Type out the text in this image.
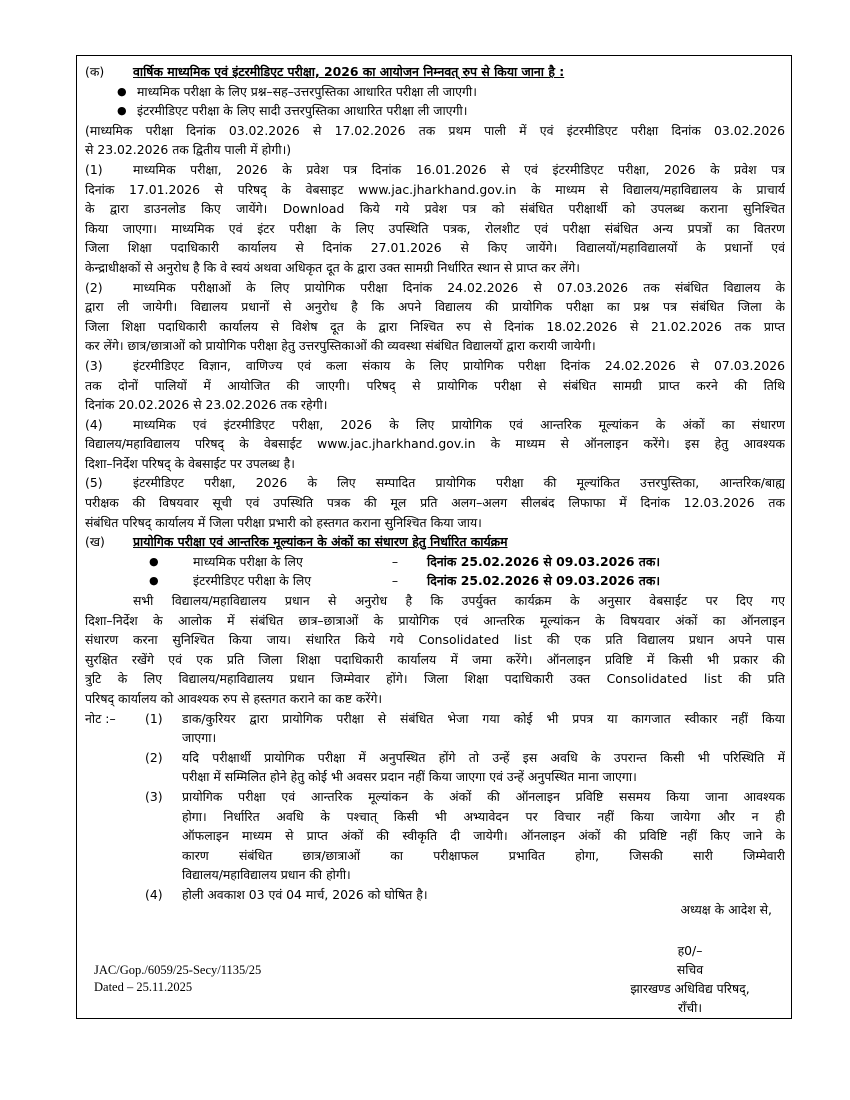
(क)	वार्षिक माध्यमिक एवं इंटरमीडिएट परीक्षा, 2026 का आयोजन निम्नवत् रुप से किया जाना है :
● माध्यमिक परीक्षा के लिए प्रश्न–सह–उत्तरपुस्तिका आधारित परीक्षा ली जाएगी।
● इंटरमीडिएट परीक्षा के लिए सादी उत्तरपुस्तिका आधारित परीक्षा ली जाएगी।
(माध्यमिक परीक्षा दिनांक 03.02.2026 से 17.02.2026 तक प्रथम पाली में एवं इंटरमीडिएट परीक्षा दिनांक 03.02.2026
से 23.02.2026 तक द्वितीय पाली में होगी।)
(1)	माध्यमिक परीक्षा, 2026 के प्रवेश पत्र दिनांक 16.01.2026 से एवं इंटरमीडिएट परीक्षा, 2026 के प्रवेश पत्र
दिनांक 17.01.2026 से परिषद् के वेबसाइट www.jac.jharkhand.gov.in के माध्यम से विद्यालय/महाविद्यालय के प्राचार्य
के द्वारा डाउनलोड किए जायेंगे। Download किये गये प्रवेश पत्र को संबंधित परीक्षार्थी को उपलब्ध कराना सुनिश्चित
किया जाएगा। माध्यमिक एवं इंटर परीक्षा के लिए उपस्थिति पत्रक, रोलशीट एवं परीक्षा संबंधित अन्य प्रपत्रों का वितरण
जिला शिक्षा पदाधिकारी कार्यालय से दिनांक 27.01.2026 से किए जायेंगे। विद्यालयों/महाविद्यालयों के प्रधानों एवं
केन्द्राधीक्षकों से अनुरोध है कि वे स्वयं अथवा अधिकृत दूत के द्वारा उक्त सामग्री निर्धारित स्थान से प्राप्त कर लेंगे।
(2)	माध्यमिक परीक्षाओं के लिए प्रायोगिक परीक्षा दिनांक 24.02.2026 से 07.03.2026 तक संबंधित विद्यालय के
द्वारा ली जायेगी। विद्यालय प्रधानों से अनुरोध है कि अपने विद्यालय की प्रायोगिक परीक्षा का प्रश्न पत्र संबंधित जिला के
जिला शिक्षा पदाधिकारी कार्यालय से विशेष दूत के द्वारा निश्चित रुप से दिनांक 18.02.2026 से 21.02.2026 तक प्राप्त
कर लेंगे। छात्र/छात्राओं को प्रायोगिक परीक्षा हेतु उत्तरपुस्तिकाओं की व्यवस्था संबंधित विद्यालयों द्वारा करायी जायेगी।
(3)	इंटरमीडिएट विज्ञान, वाणिज्य एवं कला संकाय के लिए प्रायोगिक परीक्षा दिनांक 24.02.2026 से 07.03.2026
तक दोनों पालियों में आयोजित की जाएगी। परिषद् से प्रायोगिक परीक्षा से संबंधित सामग्री प्राप्त करने की तिथि
दिनांक 20.02.2026 से 23.02.2026 तक रहेगी।
(4)	माध्यमिक एवं इंटरमीडिएट परीक्षा, 2026 के लिए प्रायोगिक एवं आन्तरिक मूल्यांकन के अंकों का संधारण
विद्यालय/महाविद्यालय परिषद् के वेबसाईट www.jac.jharkhand.gov.in के माध्यम से ऑनलाइन करेंगे। इस हेतु आवश्यक
दिशा–निर्देश परिषद् के वेबसाईट पर उपलब्ध है।
(5)	इंटरमीडिएट परीक्षा, 2026 के लिए सम्पादित प्रायोगिक परीक्षा की मूल्यांकित उत्तरपुस्तिका, आन्तरिक/बाह्य
परीक्षक की विषयवार सूची एवं उपस्थिति पत्रक की मूल प्रति अलग–अलग सीलबंद लिफाफा में दिनांक 12.03.2026 तक
संबंधित परिषद् कार्यालय में जिला परीक्षा प्रभारी को हस्तगत कराना सुनिश्चित किया जाय।
(ख)	प्रायोगिक परीक्षा एवं आन्तरिक मूल्यांकन के अंकों का संधारण हेतु निर्धारित कार्यक्रम
●	माध्यमिक परीक्षा के लिए	–	दिनांक 25.02.2026 से 09.03.2026 तक।
●	इंटरमीडिएट परीक्षा के लिए	–	दिनांक 25.02.2026 से 09.03.2026 तक।
सभी विद्यालय/महाविद्यालय प्रधान से अनुरोध है कि उपर्युक्त कार्यक्रम के अनुसार वेबसाईट पर दिए गए
दिशा–निर्देश के आलोक में संबंधित छात्र–छात्राओं के प्रायोगिक एवं आन्तरिक मूल्यांकन के विषयवार अंकों का ऑनलाइन
संधारण करना सुनिश्चित किया जाय। संधारित किये गये Consolidated list की एक प्रति विद्यालय प्रधान अपने पास
सुरक्षित रखेंगे एवं एक प्रति जिला शिक्षा पदाधिकारी कार्यालय में जमा करेंगे। ऑनलाइन प्रविष्टि में किसी भी प्रकार की
त्रुटि के लिए विद्यालय/महाविद्यालय प्रधान जिम्मेवार होंगे। जिला शिक्षा पदाधिकारी उक्त Consolidated list की प्रति
परिषद् कार्यालय को आवश्यक रुप से हस्तगत कराने का कष्ट करेंगे।
नोट :–	(1)	डाक/कुरियर द्वारा प्रायोगिक परीक्षा से संबंधित भेजा गया कोई भी प्रपत्र या कागजात स्वीकार नहीं किया
जाएगा।
(2)	यदि परीक्षार्थी प्रायोगिक परीक्षा में अनुपस्थित होंगे तो उन्हें इस अवधि के उपरान्त किसी भी परिस्थिति में
परीक्षा में सम्मिलित होने हेतु कोई भी अवसर प्रदान नहीं किया जाएगा एवं उन्हें अनुपस्थित माना जाएगा।
(3)	प्रायोगिक परीक्षा एवं आन्तरिक मूल्यांकन के अंकों की ऑनलाइन प्रविष्टि ससमय किया जाना आवश्यक
होगा। निर्धारित अवधि के पश्चात् किसी भी अभ्यावेदन पर विचार नहीं किया जायेगा और न ही
ऑफलाइन माध्यम से प्राप्त अंकों की स्वीकृति दी जायेगी। ऑनलाइन अंकों की प्रविष्टि नहीं किए जाने के
कारण संबंधित छात्र/छात्राओं का परीक्षाफल प्रभावित होगा, जिसकी सारी जिम्मेवारी
विद्यालय/महाविद्यालय प्रधान की होगी।
(4)	होली अवकाश 03 एवं 04 मार्च, 2026 को घोषित है।
अध्यक्ष के आदेश से,
ह0/–
सचिव
झारखण्ड अधिविद्य परिषद्,
राँची।
JAC/Gop./6059/25-Secy/1135/25
Dated – 25.11.2025
